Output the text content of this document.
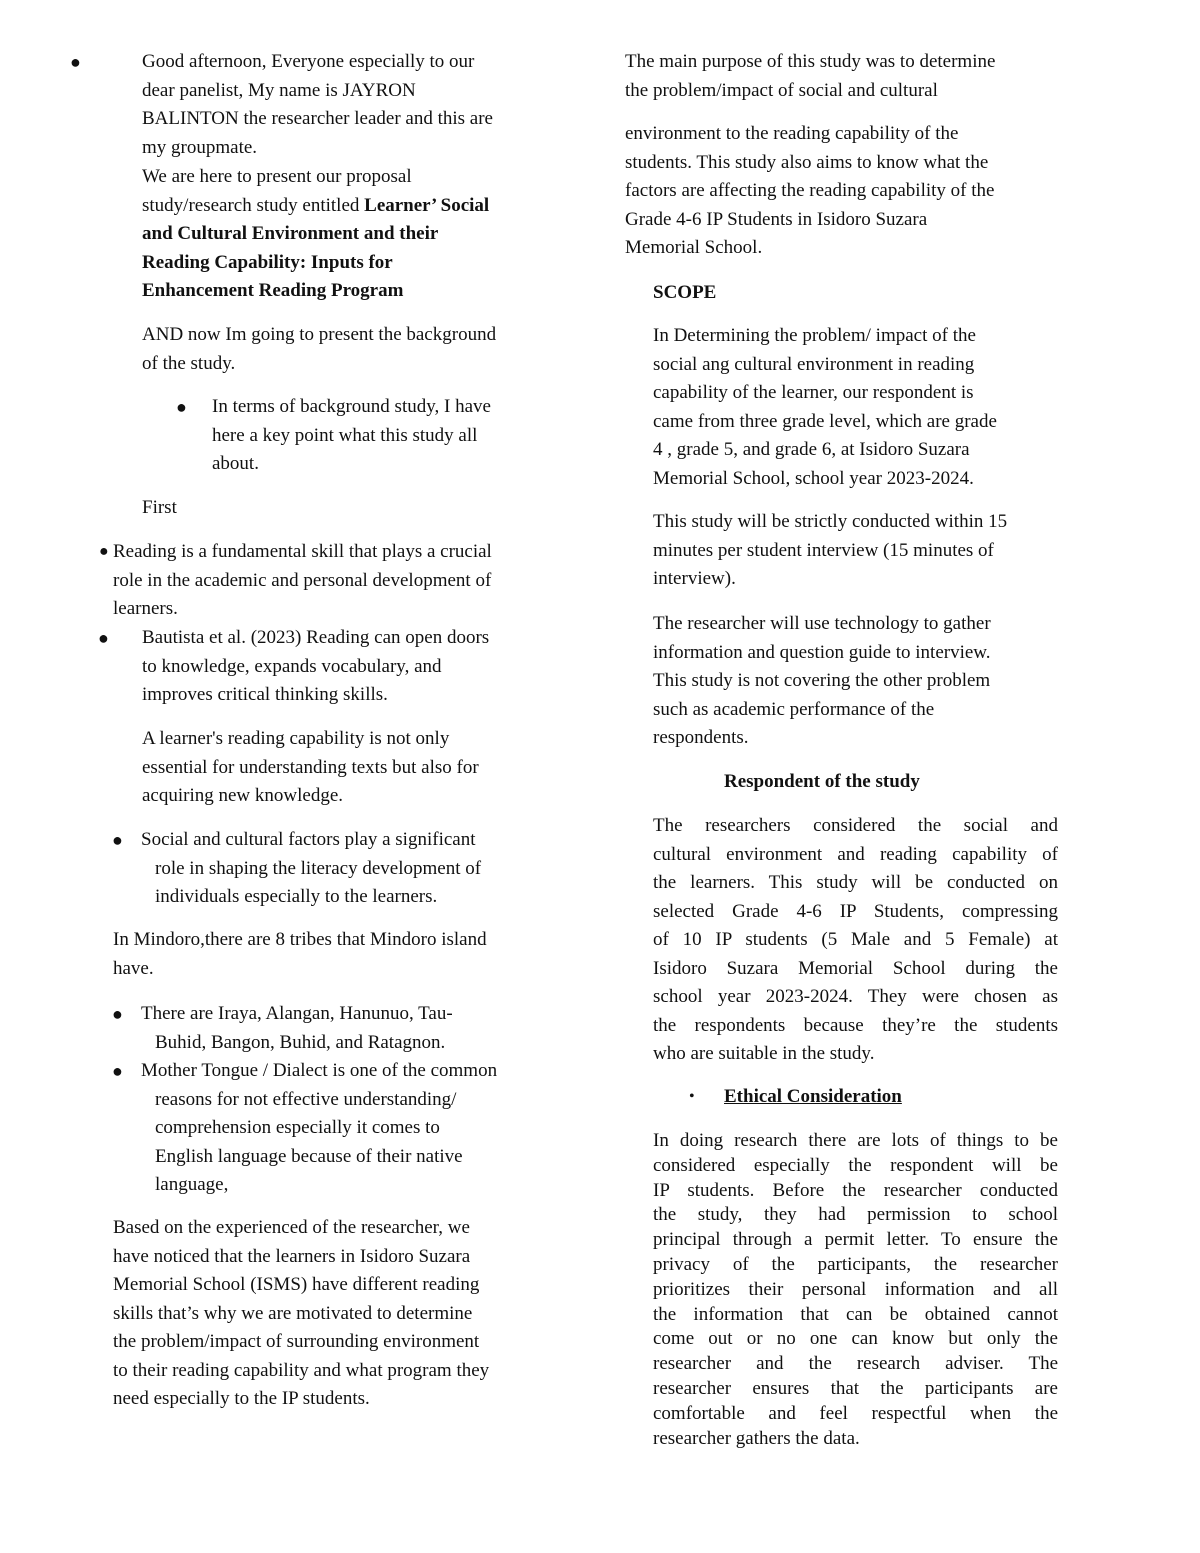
●	Good afternoon, Everyone especially to our

dear panelist, My name is JAYRON

BALINTON the researcher leader and this are

my groupmate.

We are here to present our proposal

study/research study entitled Learner’ Social

and Cultural Environment and their

Reading Capability: Inputs for

Enhancement Reading Program

AND now Im going to present the background

of the study.

● In terms of background study, I have

here a key point what this study all

about.

First
● Reading is a fundamental skill that plays a crucial

role in the academic and personal development of

learners.

● Bautista et al. (2023) Reading can open doors

to knowledge, expands vocabulary, and

improves critical thinking skills.

A learner's reading capability is not only

essential for understanding texts but also for

acquiring new knowledge.

● Social and cultural factors play a significant

role in shaping the literacy development of

individuals especially to the learners.

In Mindoro,there are 8 tribes that Mindoro island

have.

● There are Iraya, Alangan, Hanunuo, Tau-

Buhid, Bangon, Buhid, and Ratagnon.

● Mother Tongue / Dialect is one of the common

reasons for not effective understanding/

comprehension especially it comes to

English language because of their native

language,

Based on the experienced of the researcher, we

have noticed that the learners in Isidoro Suzara

Memorial School (ISMS) have different reading

skills that’s why we are motivated to determine

the problem/impact of surrounding environment

to their reading capability and what program they

need especially to the IP students.

The main purpose of this study was to determine

the problem/impact of social and cultural

environment to the reading capability of the

students. This study also aims to know what the

factors are affecting the reading capability of the

Grade 4-6 IP Students in Isidoro Suzara

Memorial School.

SCOPE

In Determining the problem/ impact of the

social ang cultural environment in reading

capability of the learner, our respondent is

came from three grade level, which are grade

4 , grade 5, and grade 6, at Isidoro Suzara

Memorial School, school year 2023-2024.

This study will be strictly conducted within 15

minutes per student interview (15 minutes of

interview).

The researcher will use technology to gather

information and question guide to interview.

This study is not covering the other problem

such as academic performance of the

respondents.

Respondent of the study

The researchers considered the social and

cultural environment and reading capability of

the learners. This study will be conducted on

selected Grade 4-6 IP Students, compressing

of 10 IP students (5 Male and 5 Female) at

Isidoro Suzara Memorial School during the

school year 2023-2024. They were chosen as

the respondents because they’re the students

who are suitable in the study.

• Ethical Consideration

In doing research there are lots of things to be

considered especially the respondent will be

IP students. Before the researcher conducted

the study, they had permission to school

principal through a permit letter. To ensure the

privacy of the participants, the researcher

prioritizes their personal information and all

the information that can be obtained cannot

come out or no one can know but only the

researcher and the research adviser. The

researcher ensures that the participants are

comfortable and feel respectful when the

researcher gathers the data.
